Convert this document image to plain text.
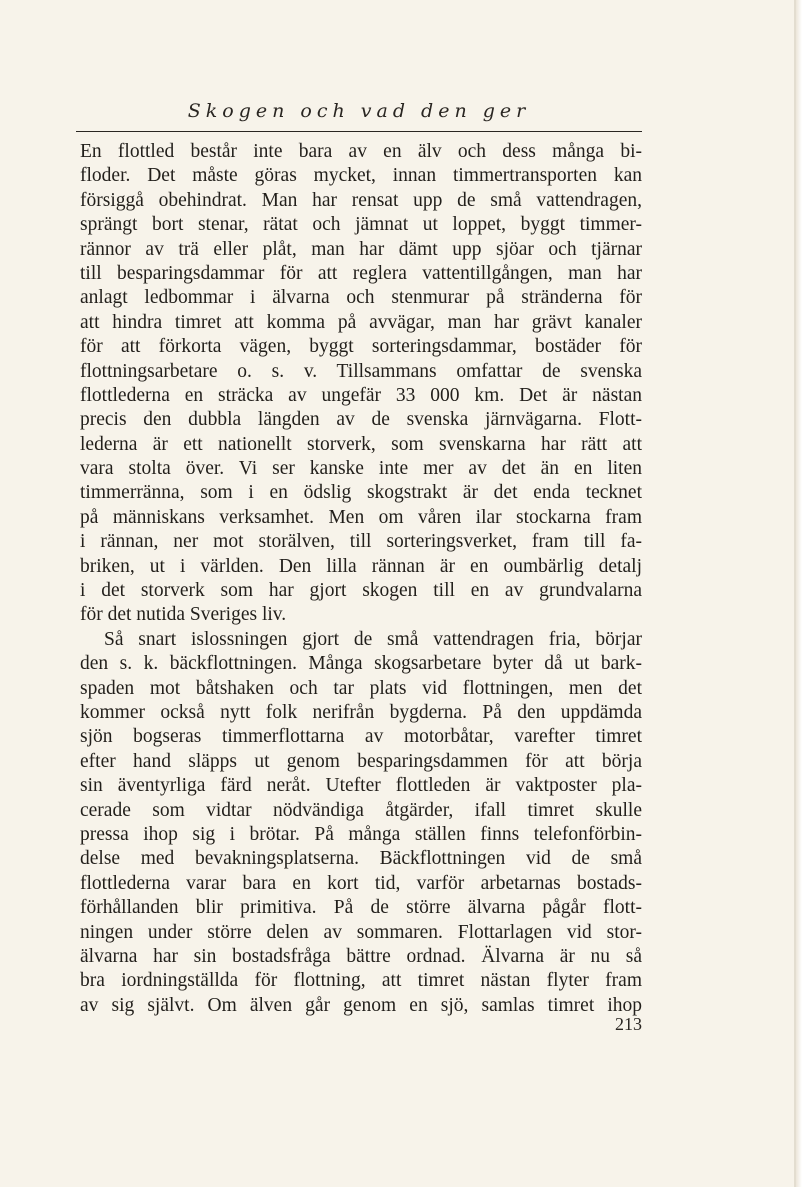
Skogen och vad den ger
En flottled består inte bara av en älv och dess många bi-
floder. Det måste göras mycket, innan timmertransporten kan
försiggå obehindrat. Man har rensat upp de små vattendragen,
sprängt bort stenar, rätat och jämnat ut loppet, byggt timmer-
rännor av trä eller plåt, man har dämt upp sjöar och tjärnar
till besparingsdammar för att reglera vattentillgången, man har
anlagt ledbommar i älvarna och stenmurar på stränderna för
att hindra timret att komma på avvägar, man har grävt kanaler
för att förkorta vägen, byggt sorteringsdammar, bostäder för
flottningsarbetare o. s. v. Tillsammans omfattar de svenska
flottlederna en sträcka av ungefär 33 000 km. Det är nästan
precis den dubbla längden av de svenska järnvägarna. Flott-
lederna är ett nationellt storverk, som svenskarna har rätt att
vara stolta över. Vi ser kanske inte mer av det än en liten
timmerränna, som i en ödslig skogstrakt är det enda tecknet
på människans verksamhet. Men om våren ilar stockarna fram
i rännan, ner mot storälven, till sorteringsverket, fram till fa-
briken, ut i världen. Den lilla rännan är en oumbärlig detalj
i det storverk som har gjort skogen till en av grundvalarna
för det nutida Sveriges liv.
Så snart islossningen gjort de små vattendragen fria, börjar
den s. k. bäckflottningen. Många skogsarbetare byter då ut bark-
spaden mot båtshaken och tar plats vid flottningen, men det
kommer också nytt folk nerifrån bygderna. På den uppdämda
sjön bogseras timmerflottarna av motorbåtar, varefter timret
efter hand släpps ut genom besparingsdammen för att börja
sin äventyrliga färd neråt. Utefter flottleden är vaktposter pla-
cerade som vidtar nödvändiga åtgärder, ifall timret skulle
pressa ihop sig i brötar. På många ställen finns telefonförbin-
delse med bevakningsplatserna. Bäckflottningen vid de små
flottlederna varar bara en kort tid, varför arbetarnas bostads-
förhållanden blir primitiva. På de större älvarna pågår flott-
ningen under större delen av sommaren. Flottarlagen vid stor-
älvarna har sin bostadsfråga bättre ordnad. Älvarna är nu så
bra iordningställda för flottning, att timret nästan flyter fram
av sig självt. Om älven går genom en sjö, samlas timret ihop
213
